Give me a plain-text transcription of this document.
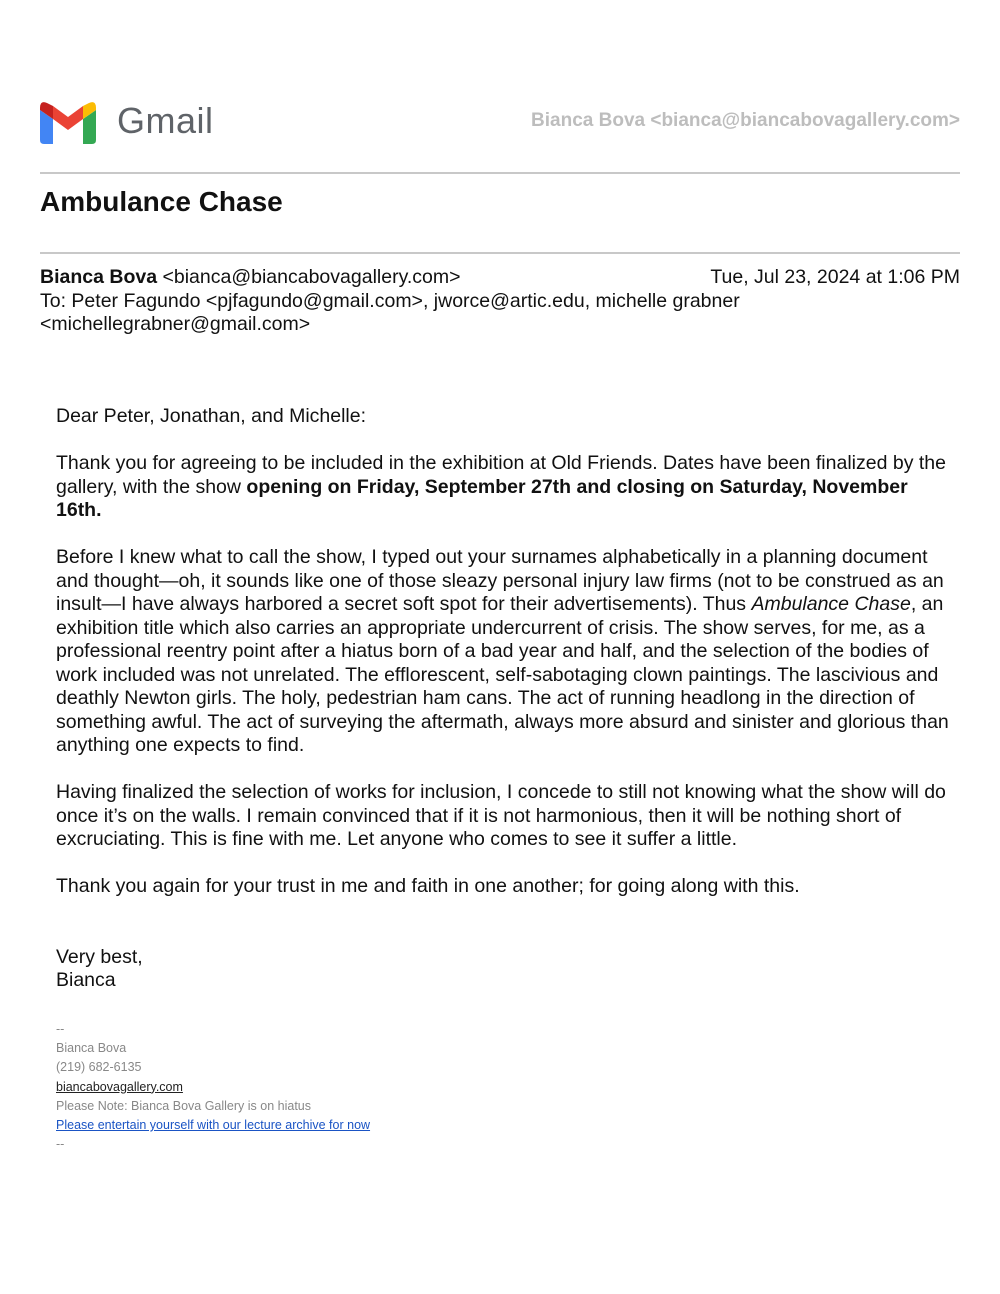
Gmail	Bianca Bova <bianca@biancabovagallery.com>
Ambulance Chase
Bianca Bova <bianca@biancabovagallery.com>	Tue, Jul 23, 2024 at 1:06 PM
To: Peter Fagundo <pjfagundo@gmail.com>, jworce@artic.edu, michelle grabner
<michellegrabner@gmail.com>

Dear Peter, Jonathan, and Michelle:

Thank you for agreeing to be included in the exhibition at Old Friends. Dates have been finalized by the gallery, with the show opening on Friday, September 27th and closing on Saturday, November 16th.

Before I knew what to call the show, I typed out your surnames alphabetically in a planning document and thought—oh, it sounds like one of those sleazy personal injury law firms (not to be construed as an insult—I have always harbored a secret soft spot for their advertisements). Thus Ambulance Chase, an exhibition title which also carries an appropriate undercurrent of crisis. The show serves, for me, as a professional reentry point after a hiatus born of a bad year and half, and the selection of the bodies of work included was not unrelated. The efflorescent, self-sabotaging clown paintings. The lascivious and deathly Newton girls. The holy, pedestrian ham cans. The act of running headlong in the direction of something awful. The act of surveying the aftermath, always more absurd and sinister and glorious than anything one expects to find.

Having finalized the selection of works for inclusion, I concede to still not knowing what the show will do once it’s on the walls. I remain convinced that if it is not harmonious, then it will be nothing short of excruciating. This is fine with me. Let anyone who comes to see it suffer a little.

Thank you again for your trust in me and faith in one another; for going along with this.

Very best,
Bianca
--
Bianca Bova
(219) 682-6135
biancabovagallery.com
Please Note: Bianca Bova Gallery is on hiatus
Please entertain yourself with our lecture archive for now
--
